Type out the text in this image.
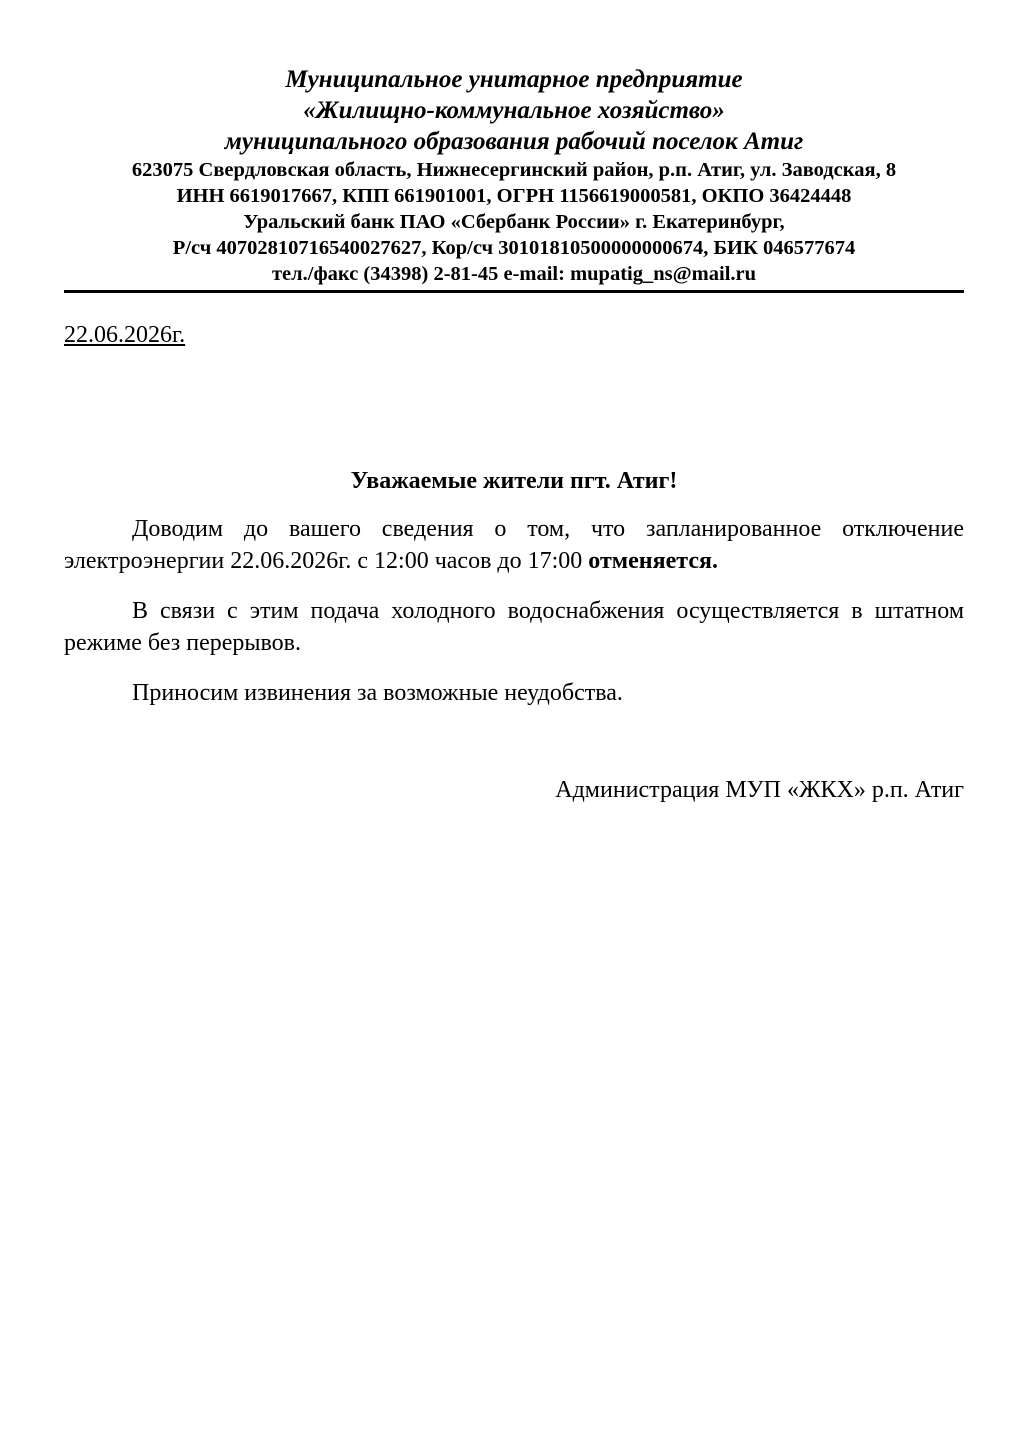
Муниципальное унитарное предприятие
«Жилищно-коммунальное хозяйство»
муниципального образования рабочий поселок Атиг
623075 Свердловская область, Нижнесергинский район, р.п. Атиг, ул. Заводская, 8
ИНН 6619017667, КПП 661901001, ОГРН 1156619000581, ОКПО 36424448
Уральский банк ПАО «Сбербанк России» г. Екатеринбург,
Р/сч 40702810716540027627, Кор/сч 30101810500000000674, БИК 046577674
тел./факс (34398) 2-81-45 e-mail: mupatig_ns@mail.ru
22.06.2026г.
Уважаемые жители пгт. Атиг!

Доводим до вашего сведения о том, что запланированное отключение электроэнергии 22.06.2026г. с 12:00 часов до 17:00 отменяется.

В связи с этим подача холодного водоснабжения осуществляется в штатном режиме без перерывов.

Приносим извинения за возможные неудобства.

Администрация МУП «ЖКХ» р.п. Атиг
